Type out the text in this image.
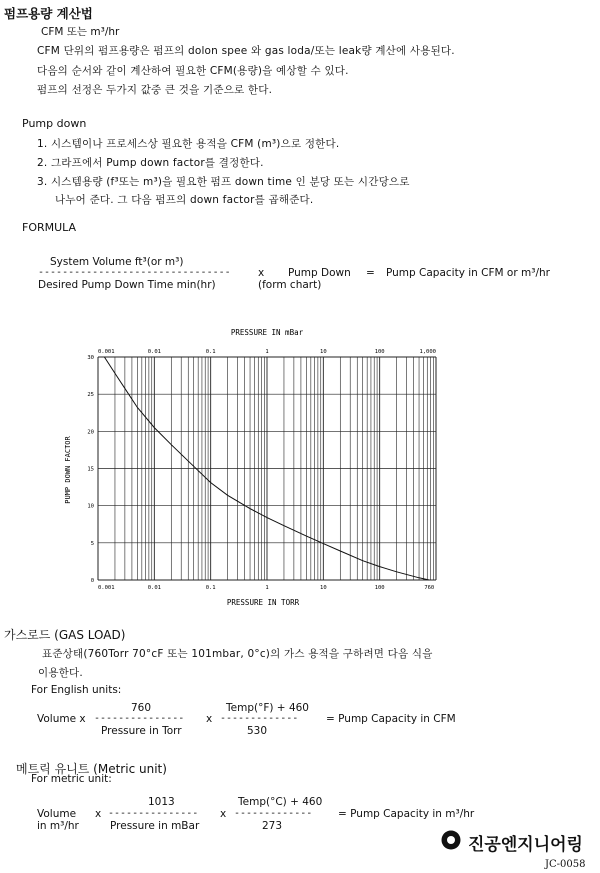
펌프용량 계산법
CFM 또는 m³/hr
CFM 단위의 펌프용량은 펌프의 dolon spee 와 gas loda/또는 leak량 계산에 사용된다.
다음의 순서와 같이 계산하여 필요한 CFM(용량)을 예상할 수 있다.
펌프의 선정은 두가지 값중 큰 것을 기준으로 한다.
Pump down
1. 시스템이나 프로세스상 필요한 용적을 CFM (m³)으로 정한다.
2. 그라프에서 Pump down factor를 결정한다.
3. 시스템용량 (f³또는 m³)을 필요한 펌프 down time 인 분당 또는 시간당으로
나누어 준다. 그 다음 펌프의 down factor를 곱해준다.
FORMULA
System Volume ft³(or m³)
--------------------------------	x Pump Down = Pump Capacity in CFM or m³/hr
Desired Pump Down Time min(hr)	(form chart)
PRESSURE IN mBar
0.001	0.01	0.1	1	10	100	1,000
0.001	0.01	0.1	1	10	100	760
0
5
10
15
20
25
30
PUMP DOWN FACTOR
PRESSURE IN TORR
가스로드 (GAS LOAD)
표준상태(760Torr 70°cF 또는 101mbar, 0°c)의 가스 용적을 구하려면 다음 식을
이용한다.
For English units:
760	Temp(°F) + 460
Volume x --------------- x -------------	= Pump Capacity in CFM
Pressure in Torr	530
메트릭 유니트 (Metric unit)
For metric unit:
1013	Temp(°C) + 460
Volume x --------------- x ------------- = Pump Capacity in m³/hr
in m³/hr	Pressure in mBar	273
진공엔지니어링
JC-0058
